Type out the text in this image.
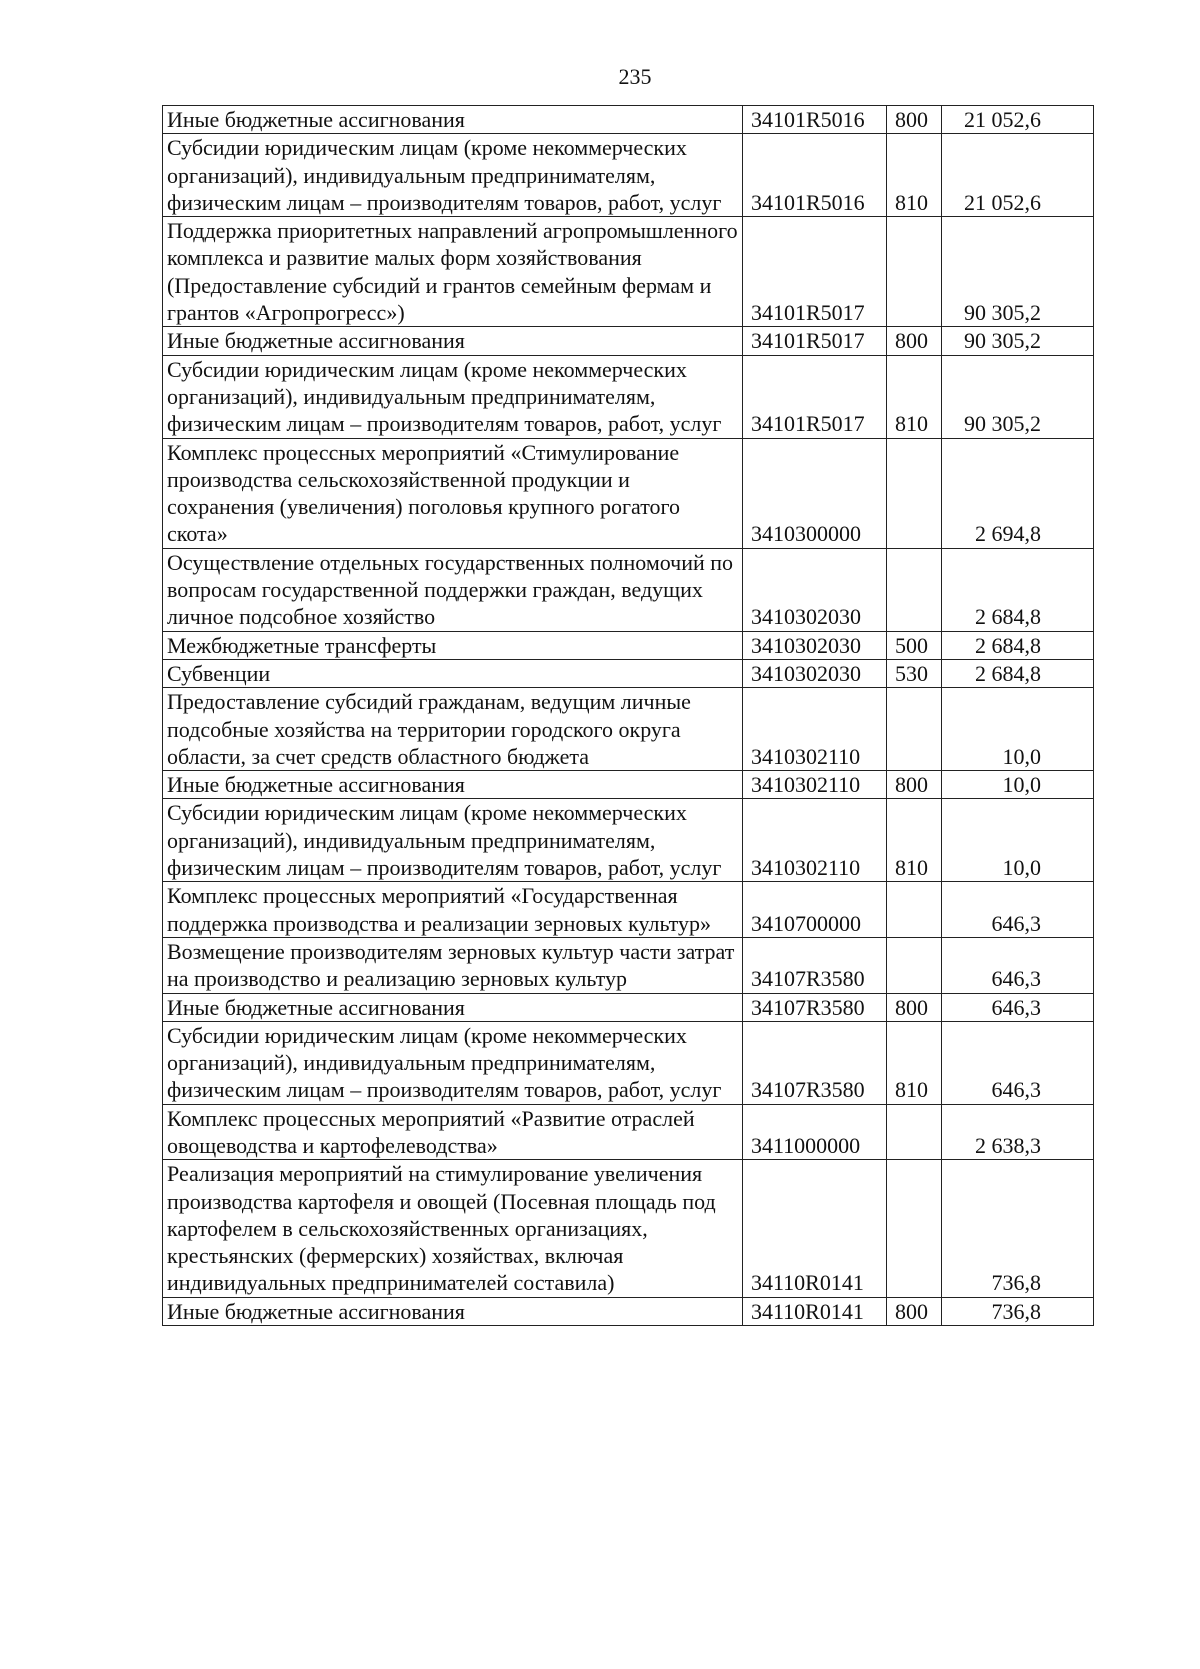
235
Иные бюджетные ассигнования	34101R5016	800	21 052,6
Субсидии юридическим лицам (кроме некоммерческих организаций), индивидуальным предпринимателям, физическим лицам – производителям товаров, работ, услуг	34101R5016	810	21 052,6
Поддержка приоритетных направлений агропромышленного комплекса и развитие малых форм хозяйствования (Предоставление субсидий и грантов семейным фермам и грантов «Агропрогресс»)	34101R5017		90 305,2
Иные бюджетные ассигнования	34101R5017	800	90 305,2
Субсидии юридическим лицам (кроме некоммерческих организаций), индивидуальным предпринимателям, физическим лицам – производителям товаров, работ, услуг	34101R5017	810	90 305,2
Комплекс процессных мероприятий «Стимулирование производства сельскохозяйственной продукции и сохранения (увеличения) поголовья крупного рогатого скота»	3410300000		2 694,8
Осуществление отдельных государственных полномочий по вопросам государственной поддержки граждан, ведущих личное подсобное хозяйство	3410302030		2 684,8
Межбюджетные трансферты	3410302030	500	2 684,8
Субвенции	3410302030	530	2 684,8
Предоставление субсидий гражданам, ведущим личные подсобные хозяйства на территории городского округа области, за счет средств областного бюджета	3410302110		10,0
Иные бюджетные ассигнования	3410302110	800	10,0
Субсидии юридическим лицам (кроме некоммерческих организаций), индивидуальным предпринимателям, физическим лицам – производителям товаров, работ, услуг	3410302110	810	10,0
Комплекс процессных мероприятий «Государственная поддержка производства и реализации зерновых культур»	3410700000		646,3
Возмещение производителям зерновых культур части затрат на производство и реализацию зерновых культур	34107R3580		646,3
Иные бюджетные ассигнования	34107R3580	800	646,3
Субсидии юридическим лицам (кроме некоммерческих организаций), индивидуальным предпринимателям, физическим лицам – производителям товаров, работ, услуг	34107R3580	810	646,3
Комплекс процессных мероприятий «Развитие отраслей овощеводства и картофелеводства»	3411000000		2 638,3
Реализация мероприятий на стимулирование увеличения производства картофеля и овощей (Посевная площадь под картофелем в сельскохозяйственных организациях, крестьянских (фермерских) хозяйствах, включая индивидуальных предпринимателей составила)	34110R0141		736,8
Иные бюджетные ассигнования	34110R0141	800	736,8
